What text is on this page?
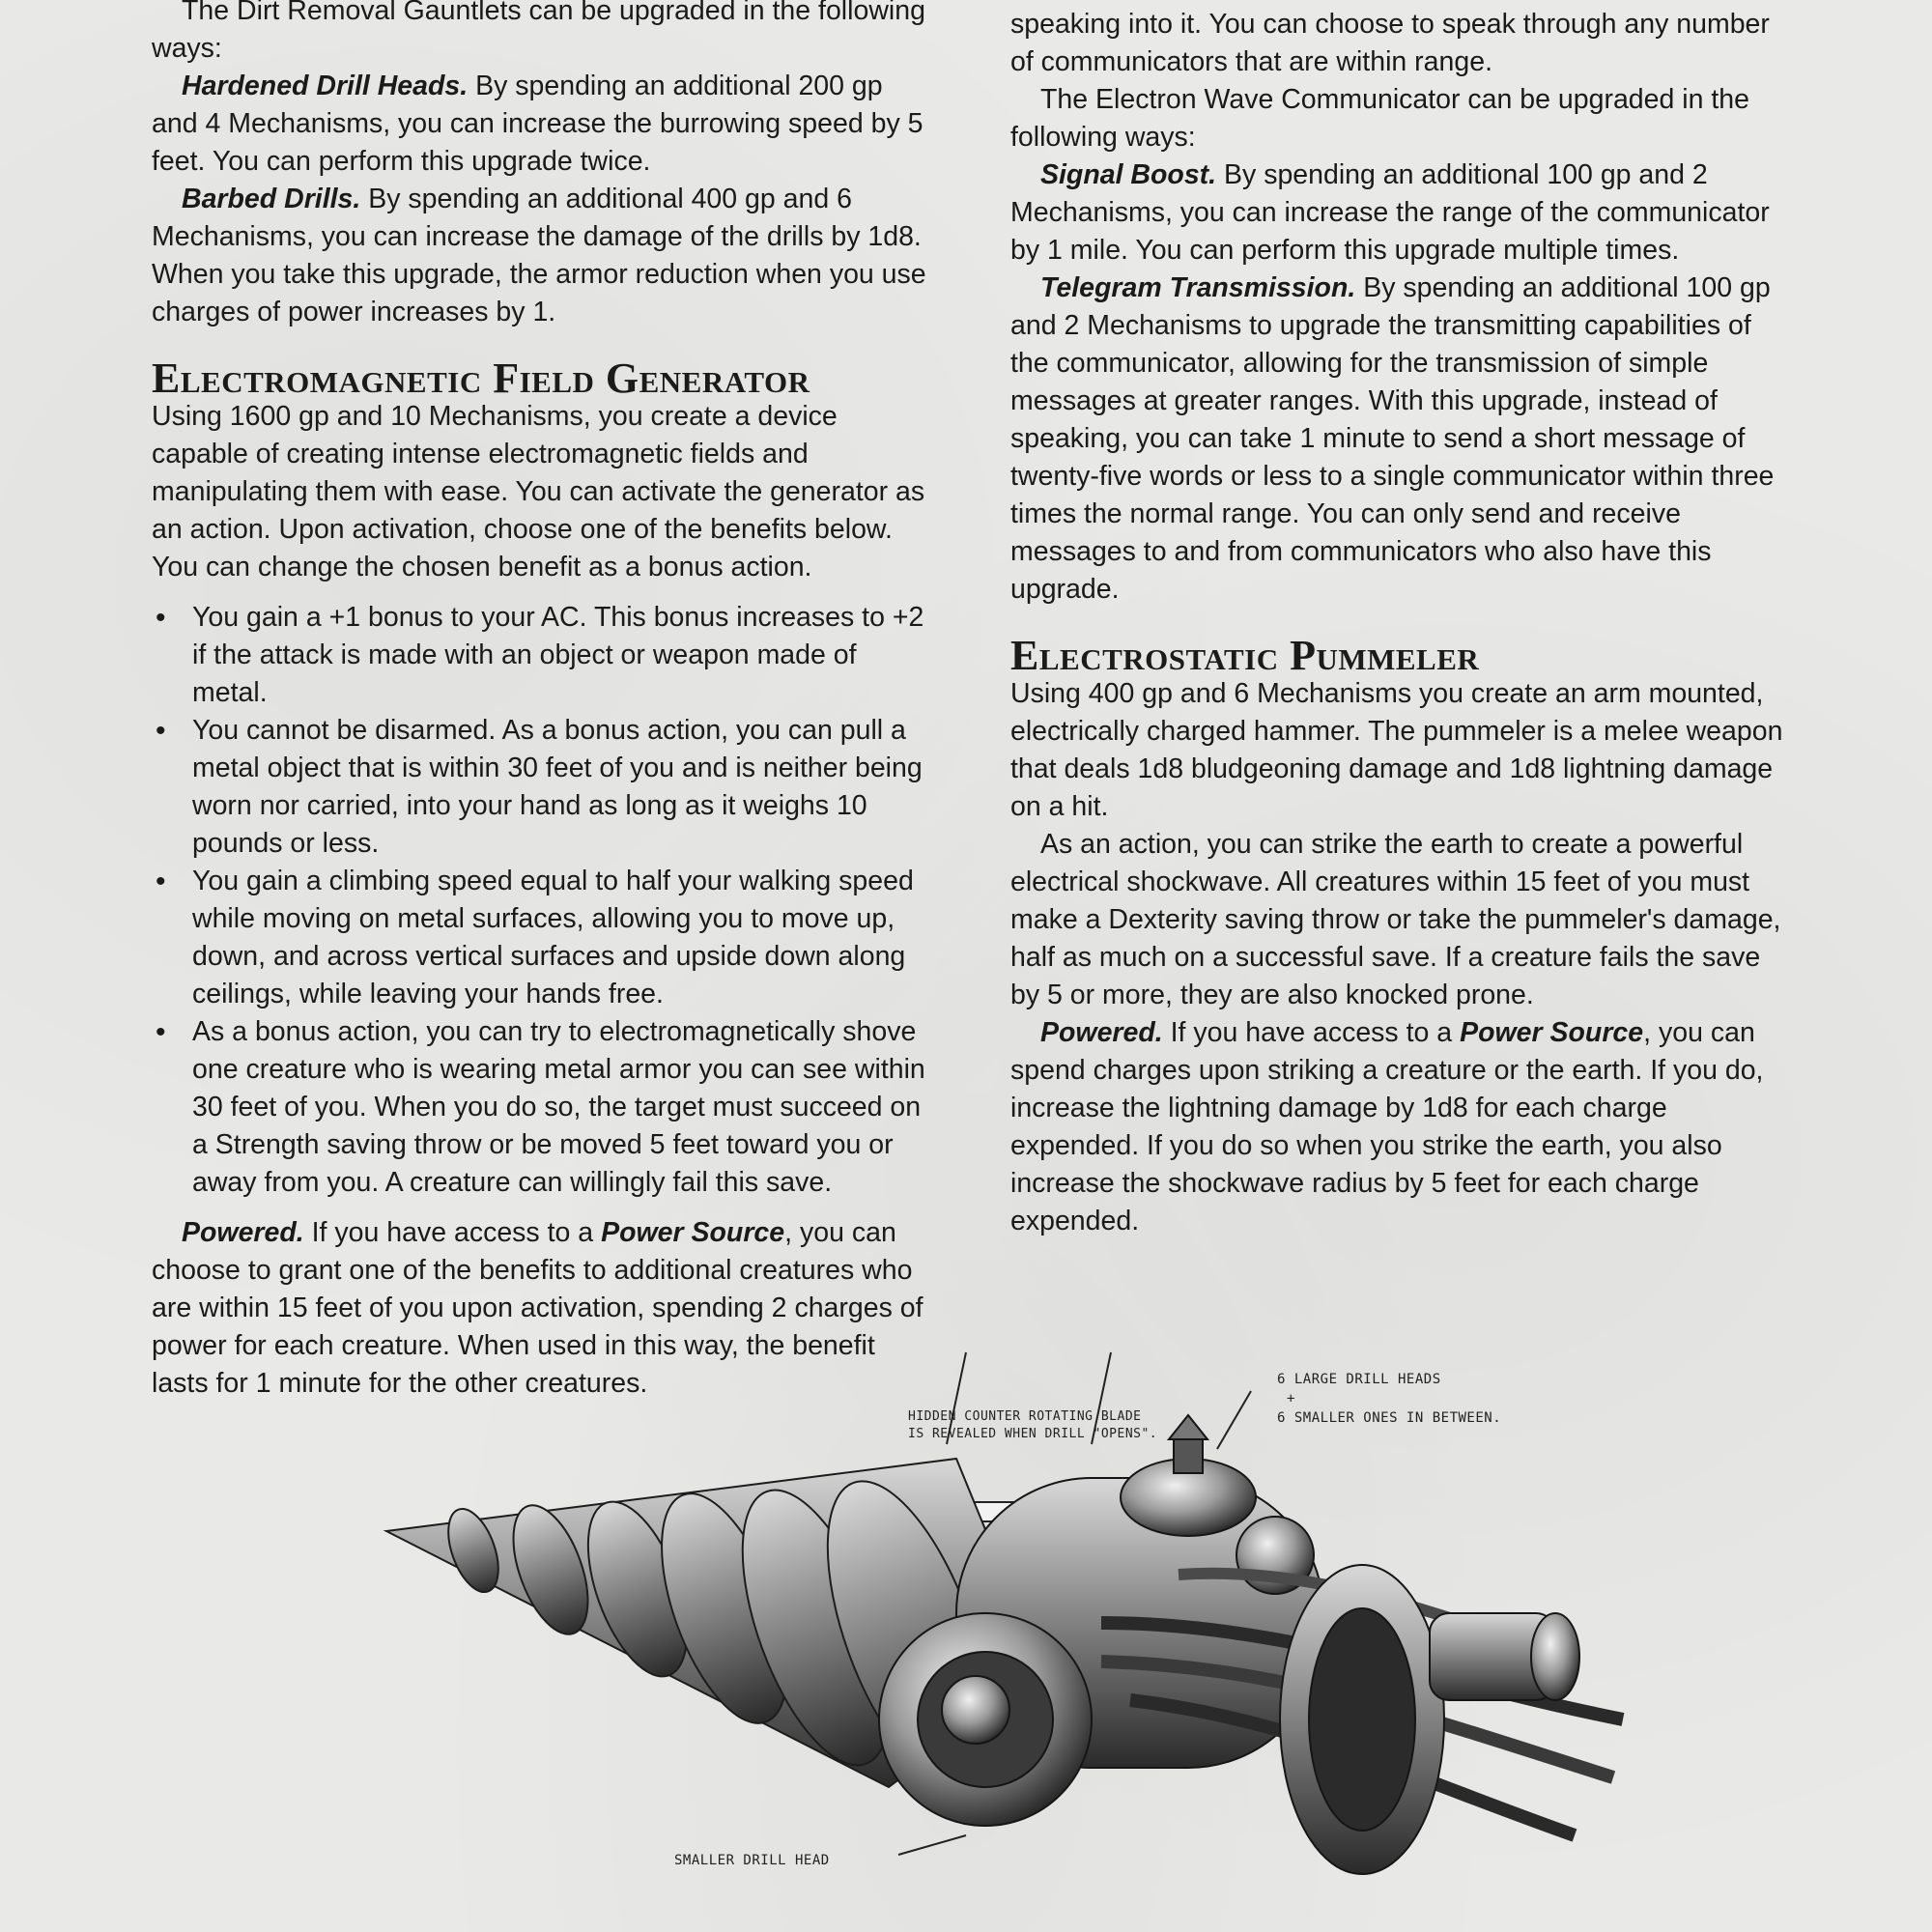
The Dirt Removal Gauntlets can be upgraded in the following ways:

Hardened Drill Heads. By spending an additional 200 gp and 4 Mechanisms, you can increase the burrowing speed by 5 feet. You can perform this upgrade twice.

Barbed Drills. By spending an additional 400 gp and 6 Mechanisms, you can increase the damage of the drills by 1d8. When you take this upgrade, the armor reduction when you use charges of power increases by 1.

Electromagnetic Field Generator

Using 1600 gp and 10 Mechanisms, you create a device capable of creating intense electromagnetic fields and manipulating them with ease. You can activate the generator as an action. Upon activation, choose one of the benefits below. You can change the chosen benefit as a bonus action.

• You gain a +1 bonus to your AC. This bonus increases to +2 if the attack is made with an object or weapon made of metal.
• You cannot be disarmed. As a bonus action, you can pull a metal object that is within 30 feet of you and is neither being worn nor carried, into your hand as long as it weighs 10 pounds or less.
• You gain a climbing speed equal to half your walking speed while moving on metal surfaces, allowing you to move up, down, and across vertical surfaces and upside down along ceilings, while leaving your hands free.
• As a bonus action, you can try to electromagnetically shove one creature who is wearing metal armor you can see within 30 feet of you. When you do so, the target must succeed on a Strength saving throw or be moved 5 feet toward you or away from you. A creature can willingly fail this save.

Powered. If you have access to a Power Source, you can choose to grant one of the benefits to additional creatures who are within 15 feet of you upon activation, spending 2 charges of power for each creature. When used in this way, the benefit lasts for 1 minute for the other creatures.

speaking into it. You can choose to speak through any number of communicators that are within range.

The Electron Wave Communicator can be upgraded in the following ways:

Signal Boost. By spending an additional 100 gp and 2 Mechanisms, you can increase the range of the communicator by 1 mile. You can perform this upgrade multiple times.

Telegram Transmission. By spending an additional 100 gp and 2 Mechanisms to upgrade the transmitting capabilities of the communicator, allowing for the transmission of simple messages at greater ranges. With this upgrade, instead of speaking, you can take 1 minute to send a short message of twenty-five words or less to a single communicator within three times the normal range. You can only send and receive messages to and from communicators who also have this upgrade.

Electrostatic Pummeler

Using 400 gp and 6 Mechanisms you create an arm mounted, electrically charged hammer. The pummeler is a melee weapon that deals 1d8 bludgeoning damage and 1d8 lightning damage on a hit.

As an action, you can strike the earth to create a powerful electrical shockwave. All creatures within 15 feet of you must make a Dexterity saving throw or take the pummeler's damage, half as much on a successful save. If a creature fails the save by 5 or more, they are also knocked prone.

Powered. If you have access to a Power Source, you can spend charges upon striking a creature or the earth. If you do, increase the lightning damage by 1d8 for each charge expended. If you do so when you strike the earth, you also increase the shockwave radius by 5 feet for each charge expended.

HIDDEN COUNTER ROTATING BLADE IS REVEALED WHEN DRILL "OPENS".
6 LARGE DRILL HEADS
+
6 SMALLER ONES IN BETWEEN.
SMALLER DRILL HEAD
